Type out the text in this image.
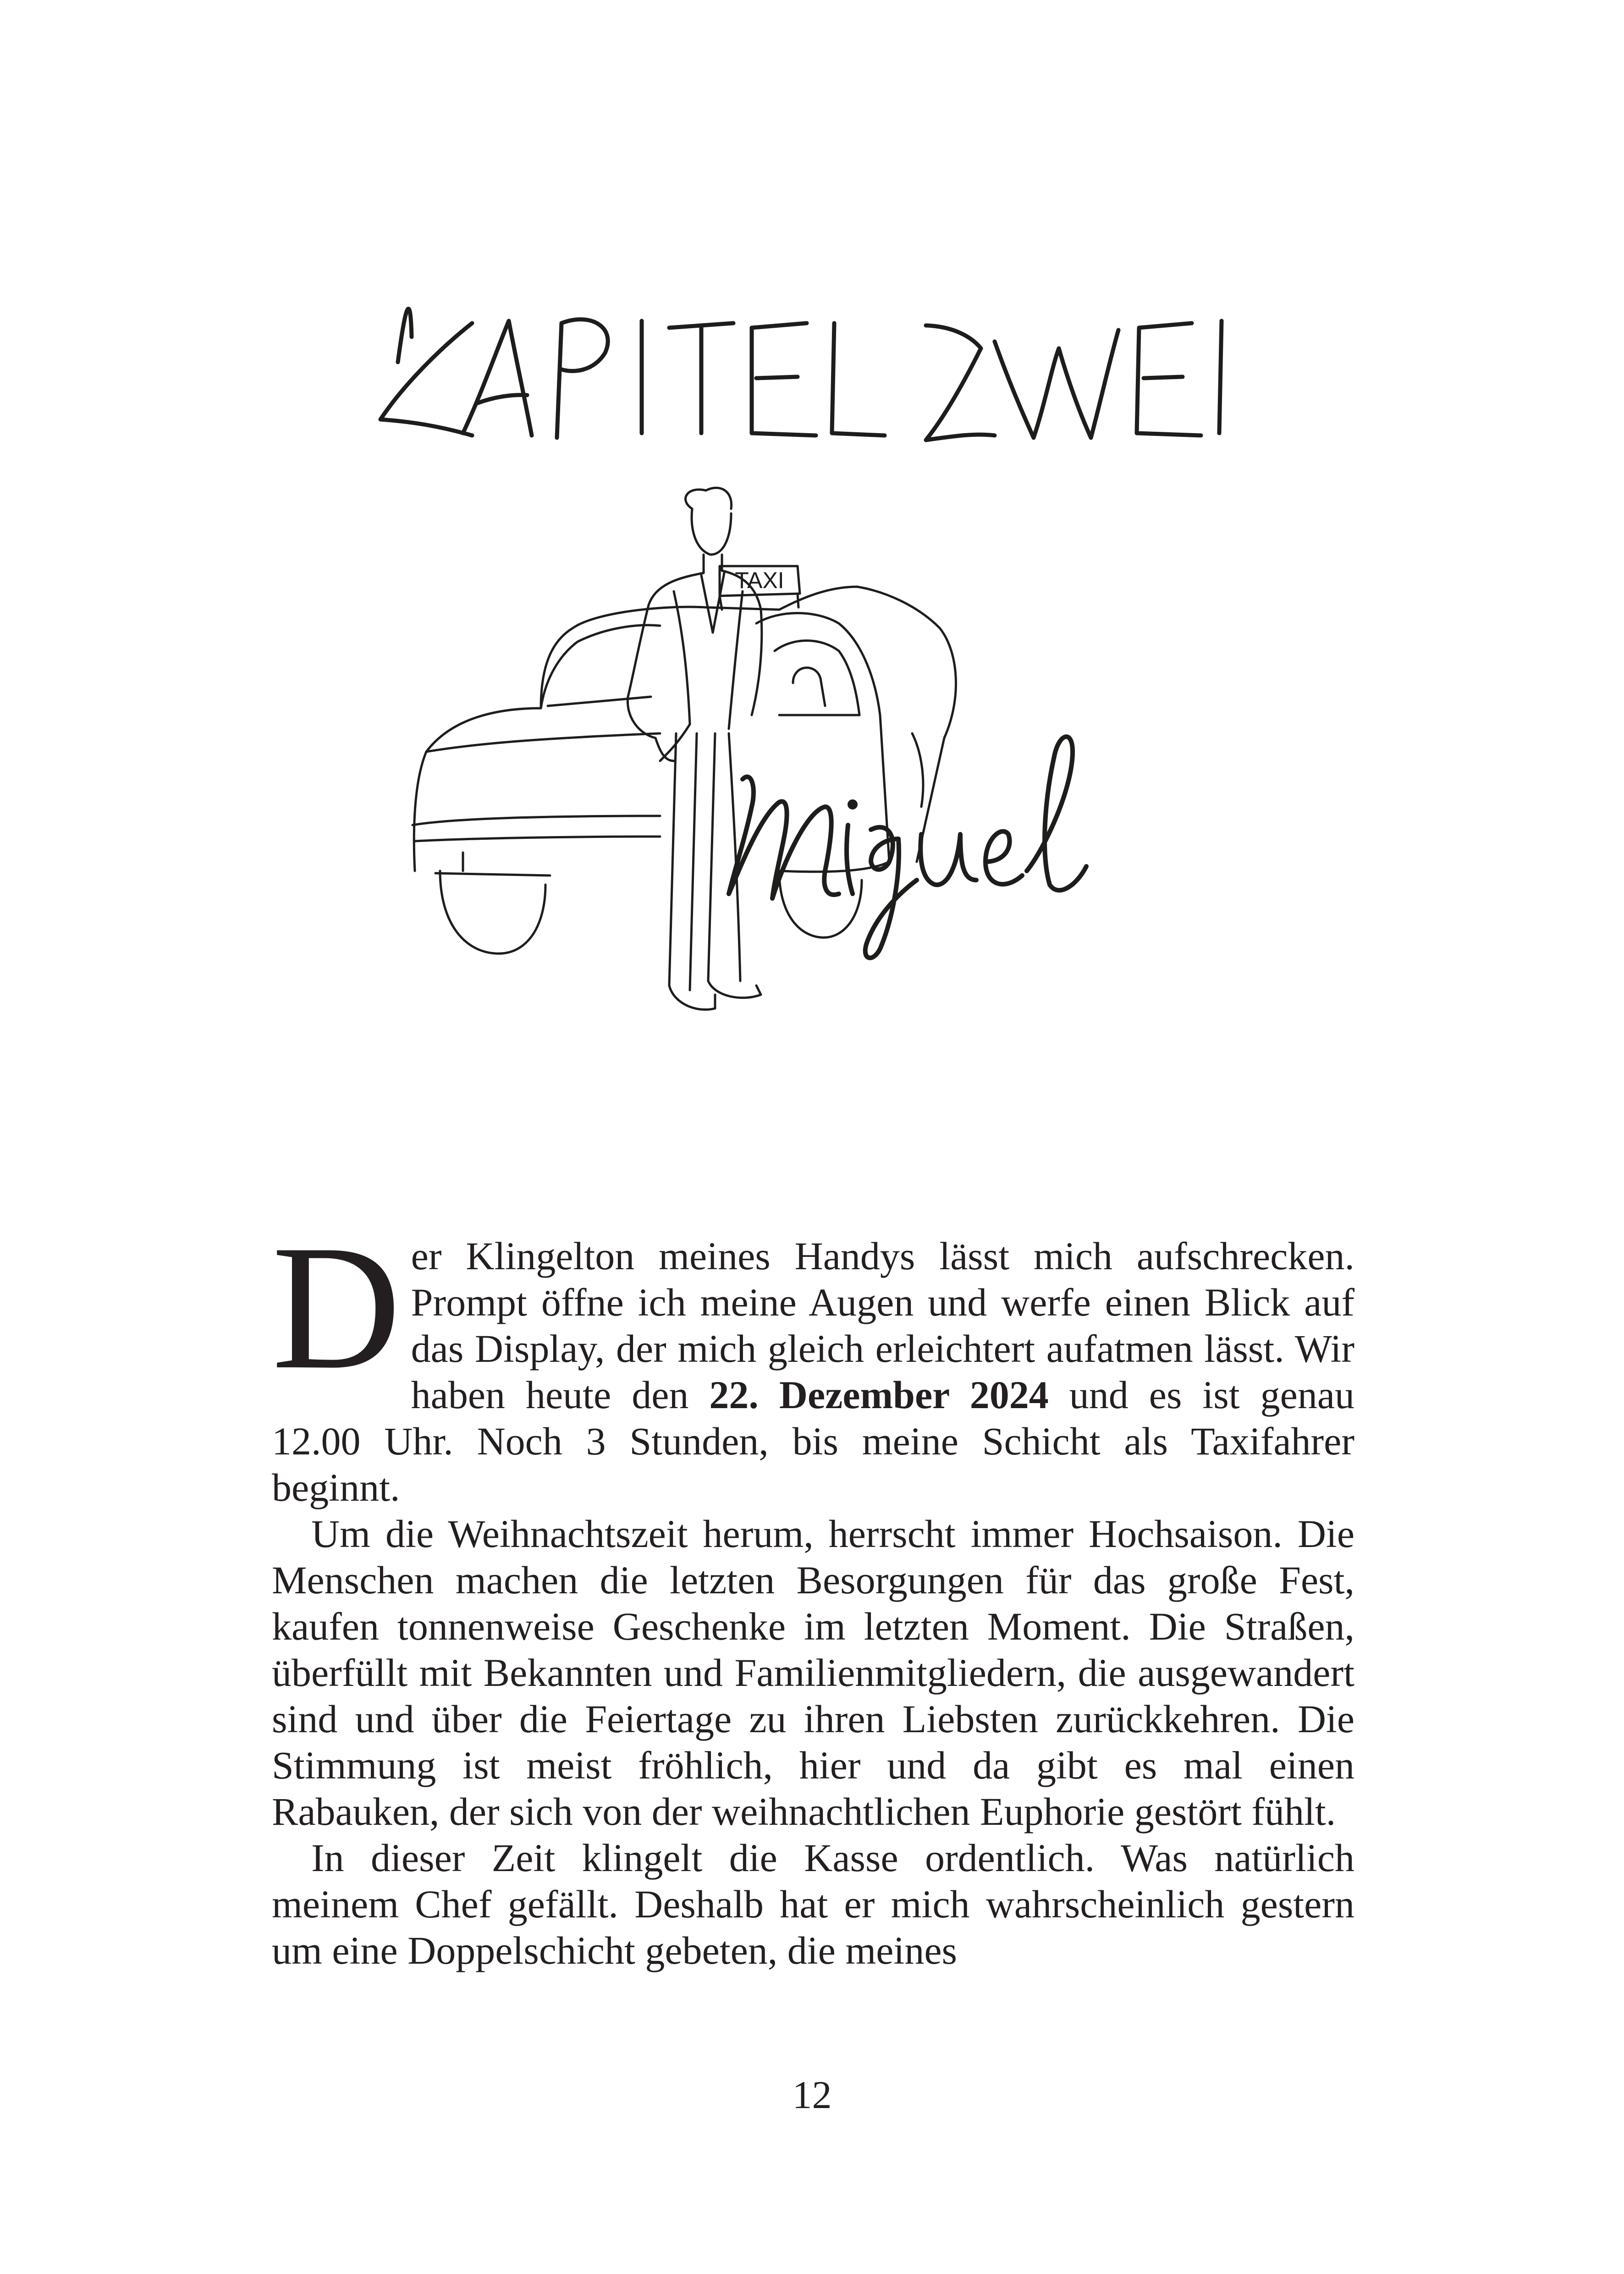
TAXI

Der Klingelton meines Handys lässt mich aufschrecken. Prompt öffne ich meine Augen und werfe einen Blick auf das Display, der mich gleich erleichtert aufatmen lässt. Wir haben heute den 22. Dezember 2024 und es ist genau 12.00 Uhr. Noch 3 Stunden, bis meine Schicht als Taxifahrer beginnt.

Um die Weihnachtszeit herum, herrscht immer Hochsaison. Die Menschen machen die letzten Besorgungen für das große Fest, kaufen tonnenweise Geschenke im letzten Moment. Die Straßen, überfüllt mit Bekannten und Familienmitgliedern, die ausgewandert sind und über die Feiertage zu ihren Liebsten zurückkehren. Die Stimmung ist meist fröhlich, hier und da gibt es mal einen Rabauken, der sich von der weihnachtlichen Euphorie gestört fühlt.

In dieser Zeit klingelt die Kasse ordentlich. Was natürlich meinem Chef gefällt. Deshalb hat er mich wahrscheinlich gestern um eine Doppelschicht gebeten, die meines

12
